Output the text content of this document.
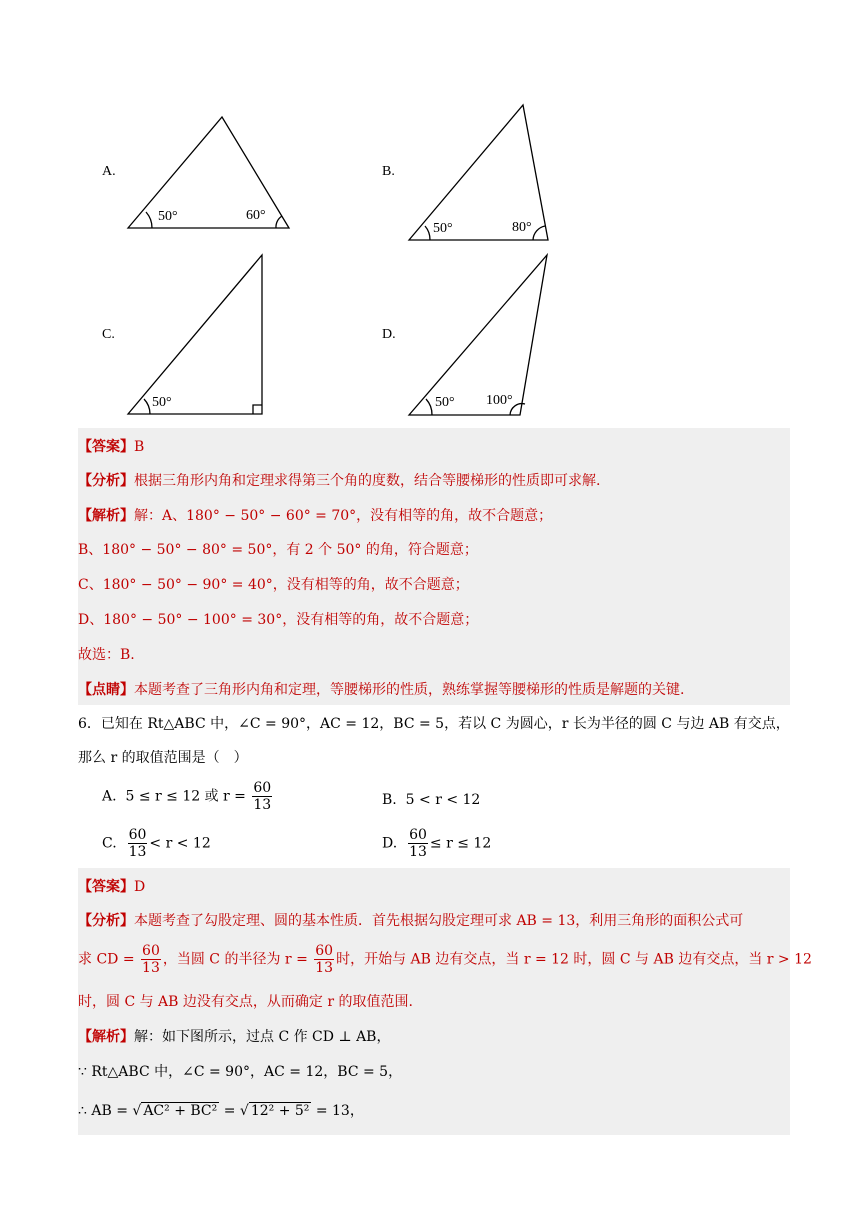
A.	B.
C.	D.
50°	60°
50°	80°
50°	50° 100°
【答案】B
【分析】根据三角形内角和定理求得第三个角的度数，结合等腰梯形的性质即可求解.
【解析】解：A、180° − 50° − 60° = 70°，没有相等的角，故不合题意；
B、180° − 50° − 80° = 50°，有 2 个 50° 的角，符合题意；
C、180° − 50° − 90° = 40°，没有相等的角，故不合题意；
D、180° − 50° − 100° = 30°，没有相等的角，故不合题意；
故选：B.
【点睛】本题考查了三角形内角和定理，等腰梯形的性质，熟练掌握等腰梯形的性质是解题的关键.
6．已知在 Rt△ABC 中，∠C = 90°，AC = 12，BC = 5，若以 C 为圆心，r 长为半径的圆 C 与边 AB 有交点，
那么 r 的取值范围是（　）
A. 5 ≤ r ≤ 12 或 $r = \frac{60}{13}$	B. 5 < r < 12
C. $\frac{60}{13} < r < 12$	D. $\frac{60}{13} \le r \le 12$
【答案】D
【分析】本题考查了勾股定理、圆的基本性质．首先根据勾股定理可求 AB = 13，利用三角形的面积公式可
求 CD = $\frac{60}{13}$ ，当圆 C 的半径为 $r = \frac{60}{13}$ 时，开始与 AB 边有交点，当 r = 12 时，圆 C 与 AB 边有交点，当 r > 12
时，圆 C 与 AB 边没有交点，从而确定 r 的取值范围.
【解析】解：如下图所示，过点 C 作 CD ⊥ AB，
∵ Rt△ABC 中，∠C = 90°，AC = 12，BC = 5，
∴ AB = √ AC² + BC² = √ 12² + 5² = 13，
